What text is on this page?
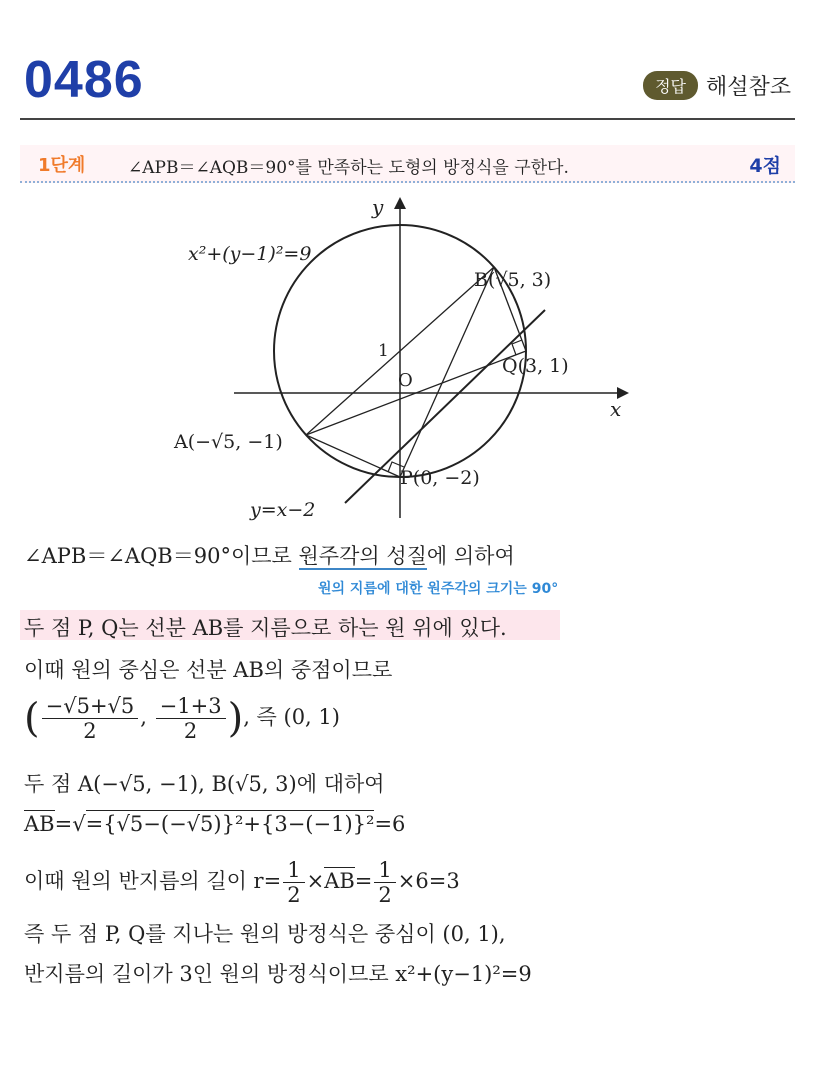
0486	정답 해설참조
1단계	∠APB＝∠AQB＝90°를 만족하는 도형의 방정식을 구한다.	4점
y
x
O
1
x²+(y−1)²=9
y=x−2
A(−√5, −1)
B(√5, 3)
Q(3, 1)
P(0, −2)
∠APB＝∠AQB＝90°이므로 원주각의 성질에 의하여
원의 지름에 대한 원주각의 크기는 90°
두 점 P, Q는 선분 AB를 지름으로 하는 원 위에 있다.
이때 원의 중심은 선분 AB의 중점이므로
( $\frac{-√5+√5}{2}$ , $\frac{-1+3}{2}$ ), 즉 (0, 1)
두 점 A(−√5, −1), B(√5, 3)에 대하여
AB=√={√5−(−√5)}²+{3−(−1)}²=6
이때 원의 반지름의 길이 $r= \frac{1}{2} \times AB= \frac{1}{2} \times 6=3$
즉 두 점 P, Q를 지나는 원의 방정식은 중심이 (0, 1),
반지름의 길이가 3인 원의 방정식이므로 x²+(y−1)²=9
